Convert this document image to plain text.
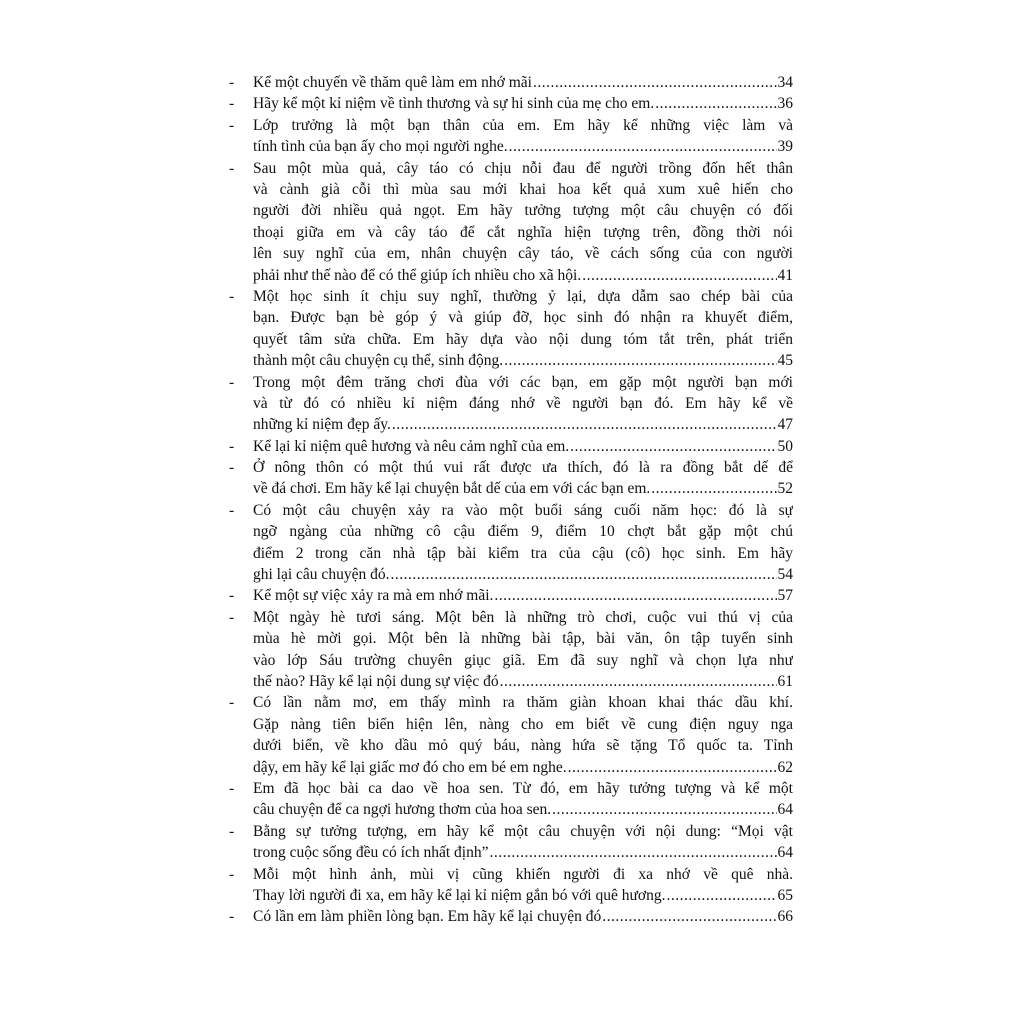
-	Kể một chuyến về thăm quê làm em nhớ mãi .....	34
-	Hãy kể một kỉ niệm về tình thương và sự hi sinh của mẹ cho em. .....	36
-	Lớp trưởng là một bạn thân của em. Em hãy kể những việc làm và
tính tình của bạn ấy cho mọi người nghe. .....	39
-	Sau một mùa quả, cây táo có chịu nỗi đau để người trồng đốn hết thân
và cành già cỗi thì mùa sau mới khai hoa kết quả xum xuê hiến cho
người đời nhiều quả ngọt. Em hãy tưởng tượng một câu chuyện có đối
thoại giữa em và cây táo để cắt nghĩa hiện tượng trên, đồng thời nói
lên suy nghĩ của em, nhân chuyện cây táo, về cách sống của con người
phải như thế nào để có thể giúp ích nhiều cho xã hội. .....	41
-	Một học sinh ít chịu suy nghĩ, thường ỷ lại, dựa dẫm sao chép bài của
bạn. Được bạn bè góp ý và giúp đỡ, học sinh đó nhận ra khuyết điểm,
quyết tâm sửa chữa. Em hãy dựa vào nội dung tóm tắt trên, phát triển
thành một câu chuyện cụ thể, sinh động. .....	45
-	Trong một đêm trăng chơi đùa với các bạn, em gặp một người bạn mới
và từ đó có nhiều kỉ niệm đáng nhớ về người bạn đó. Em hãy kể về
những kỉ niệm đẹp ấy. .....	47
-	Kể lại kỉ niệm quê hương và nêu cảm nghĩ của em. .....	50
-	Ở nông thôn có một thú vui rất được ưa thích, đó là ra đồng bắt dế để
về đá chơi. Em hãy kể lại chuyện bắt dế của em với các bạn em. .....	52
-	Có một câu chuyện xảy ra vào một buổi sáng cuối năm học: đó là sự
ngỡ ngàng của những cô cậu điểm 9, điểm 10 chợt bắt gặp một chú
điểm 2 trong căn nhà tập bài kiểm tra của cậu (cô) học sinh. Em hãy
ghi lại câu chuyện đó. .....	54
-	Kể một sự việc xảy ra mà em nhớ mãi. .....	57
-	Một ngày hè tươi sáng. Một bên là những trò chơi, cuộc vui thú vị của
mùa hè mời gọi. Một bên là những bài tập, bài văn, ôn tập tuyển sinh
vào lớp Sáu trường chuyên giục giã. Em đã suy nghĩ và chọn lựa như
thế nào? Hãy kể lại nội dung sự việc đó .....	61
-	Có lần nằm mơ, em thấy mình ra thăm giàn khoan khai thác dầu khí.
Gặp nàng tiên biển hiện lên, nàng cho em biết về cung điện nguy nga
dưới biển, về kho dầu mỏ quý báu, nàng hứa sẽ tặng Tổ quốc ta. Tỉnh
dậy, em hãy kể lại giấc mơ đó cho em bé em nghe. .....	62
-	Em đã học bài ca dao về hoa sen. Từ đó, em hãy tưởng tượng và kể một
câu chuyện để ca ngợi hương thơm của hoa sen. .....	64
-	Bằng sự tưởng tượng, em hãy kể một câu chuyện với nội dung: “Mọi vật
trong cuộc sống đều có ích nhất định” .....	64
-	Mỗi một hình ảnh, mùi vị cũng khiến người đi xa nhớ về quê nhà.
Thay lời người đi xa, em hãy kể lại kỉ niệm gắn bó với quê hương. .....	65
-	Có lần em làm phiền lòng bạn. Em hãy kể lại chuyện đó .....	66
